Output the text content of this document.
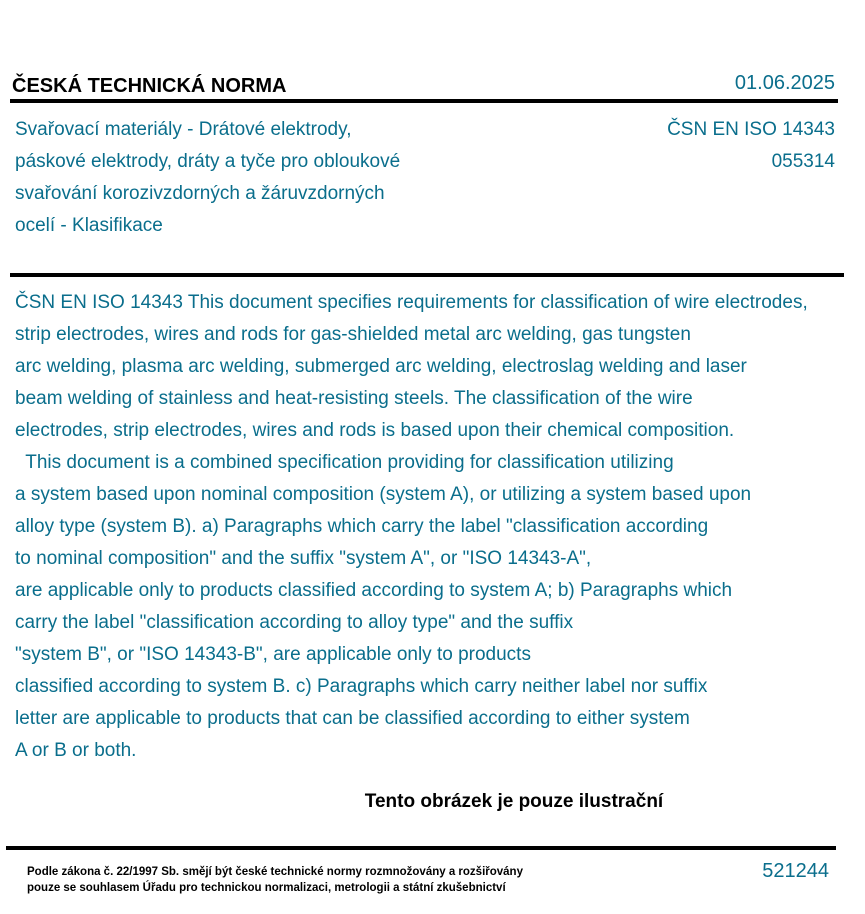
ČESKÁ TECHNICKÁ NORMA	01.06.2025
Svařovací materiály - Drátové elektrody,
páskové elektrody, dráty a tyče pro obloukové
svařování korozivzdorných a žáruvzdorných
ocelí - Klasifikace
ČSN EN ISO 14343
055314
ČSN EN ISO 14343 This document specifies requirements for classification of wire electrodes,
strip electrodes, wires and rods for gas-shielded metal arc welding, gas tungsten
arc welding, plasma arc welding, submerged arc welding, electroslag welding and laser
beam welding of stainless and heat-resisting steels. The classification of the wire
electrodes, strip electrodes, wires and rods is based upon their chemical composition.
This document is a combined specification providing for classification utilizing
a system based upon nominal composition (system A), or utilizing a system based upon
alloy type (system B). a) Paragraphs which carry the label "classification according
to nominal composition" and the suffix "system A", or "ISO 14343-A",
are applicable only to products classified according to system A; b) Paragraphs which
carry the label "classification according to alloy type" and the suffix
"system B", or "ISO 14343-B", are applicable only to products
classified according to system B. c) Paragraphs which carry neither label nor suffix
letter are applicable to products that can be classified according to either system
A or B or both.
Tento obrázek je pouze ilustrační
Podle zákona č. 22/1997 Sb. smějí být české technické normy rozmnožovány a rozšiřovány
pouze se souhlasem Úřadu pro technickou normalizaci, metrologii a státní zkušebnictví
521244
